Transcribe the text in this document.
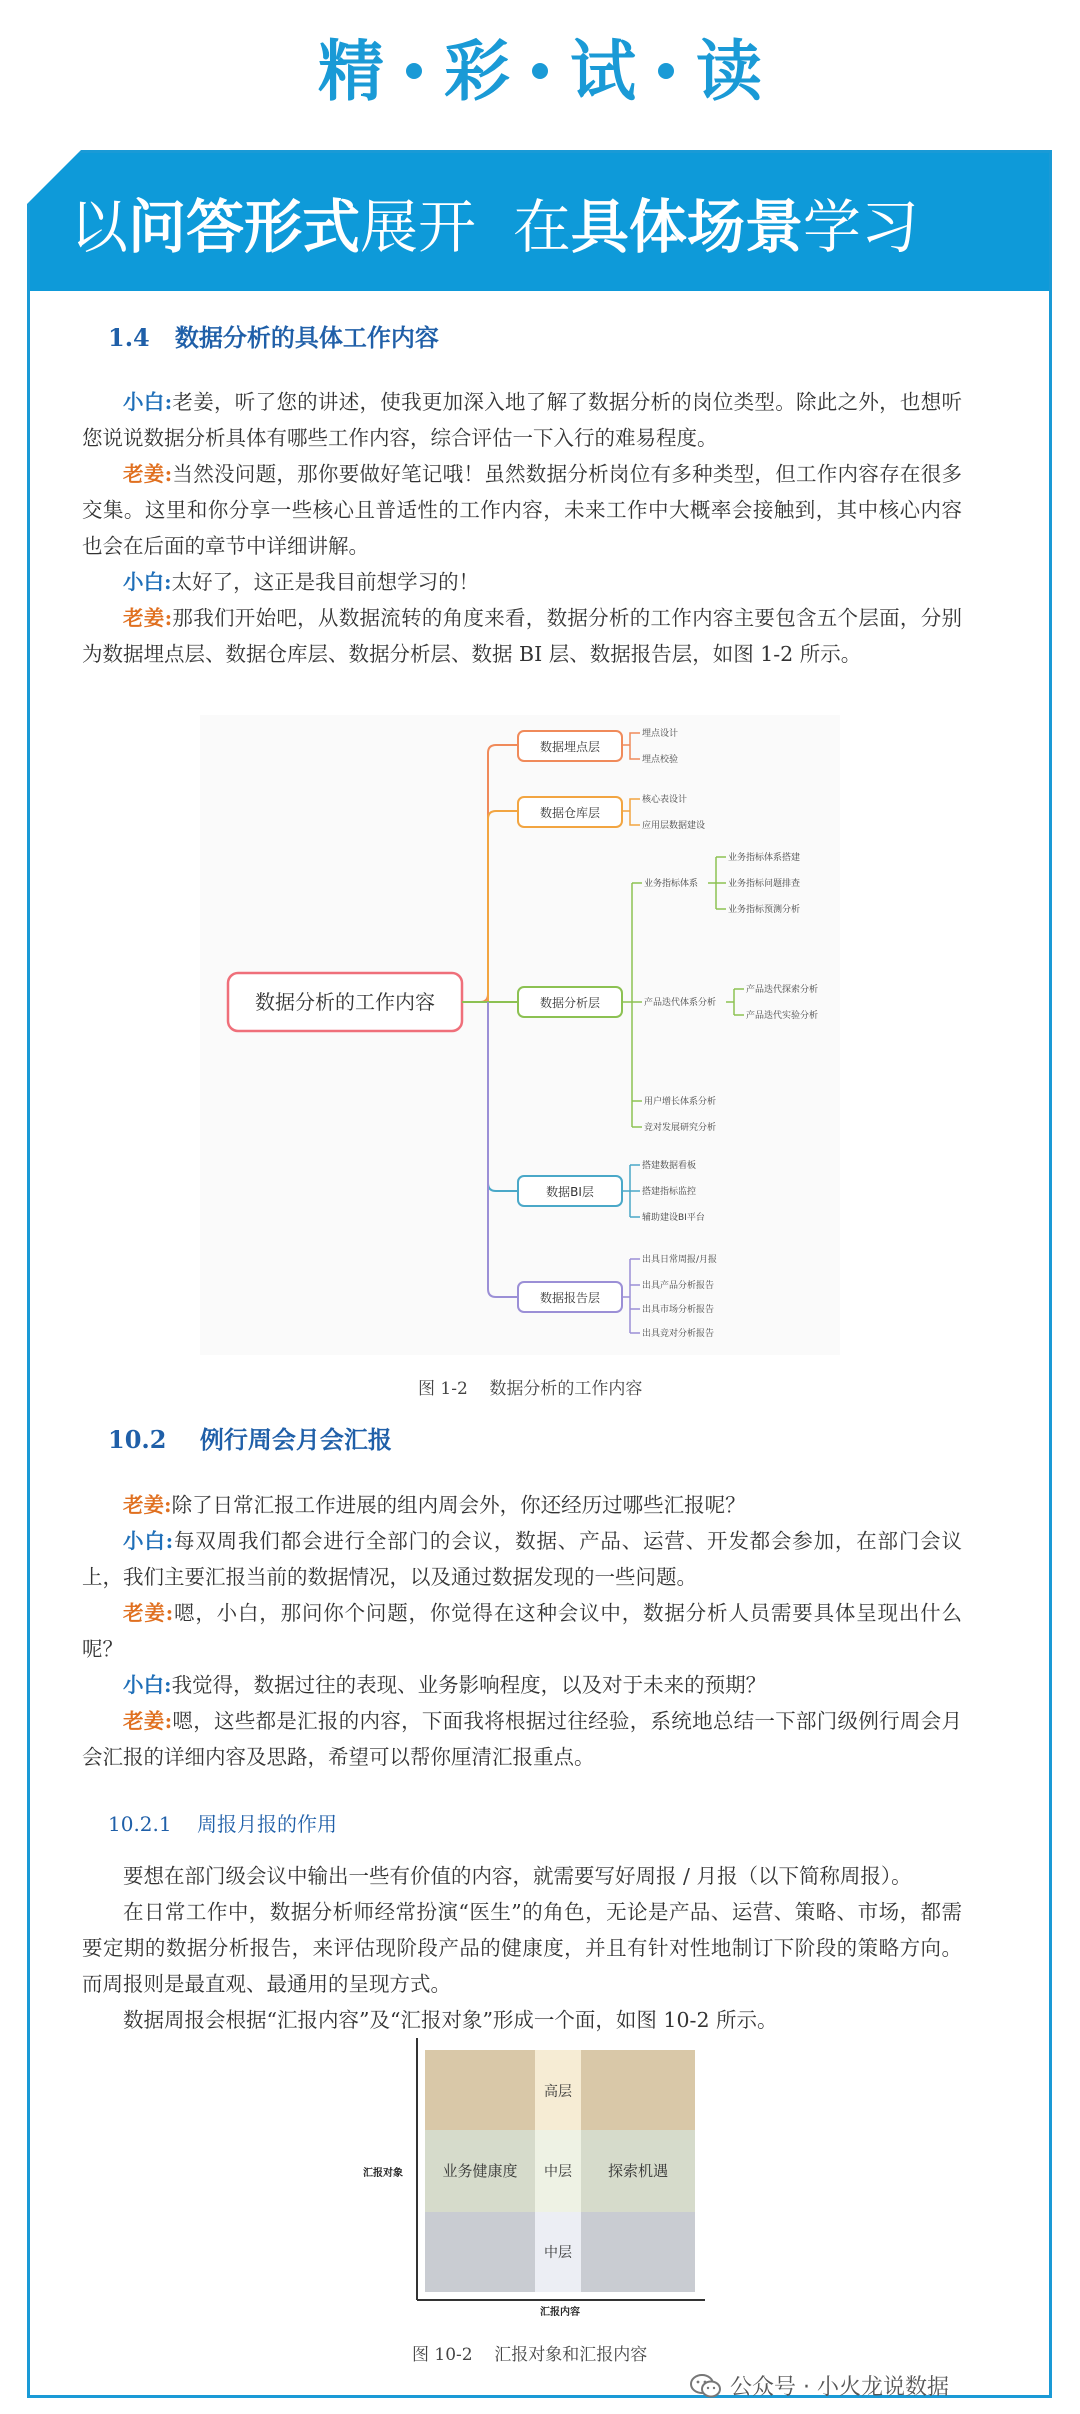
精 彩 试 读
以问答形式展开  在具体场景学习
1.4   数据分析的具体工作内容

小白:老姜，听了您的讲述，使我更加深入地了解了数据分析的岗位类型。除此之外，也想听您说说数据分析具体有哪些工作内容，综合评估一下入行的难易程度。

老姜:当然没问题，那你要做好笔记哦！虽然数据分析岗位有多种类型，但工作内容存在很多交集。这里和你分享一些核心且普适性的工作内容，未来工作中大概率会接触到，其中核心内容也会在后面的章节中详细讲解。

小白:太好了，这正是我目前想学习的！

老姜:那我们开始吧，从数据流转的角度来看，数据分析的工作内容主要包含五个层面，分别为数据埋点层、数据仓库层、数据分析层、数据 BI 层、数据报告层，如图 1-2 所示。

数据分析的工作内容
数据埋点层
数据仓库层
数据分析层
数据BI层
数据报告层
埋点设计
埋点校验
核心表设计
应用层数据建设
业务指标体系
产品迭代体系分析
用户增长体系分析
竞对发展研究分析
业务指标体系搭建
业务指标问题排查
业务指标预测分析
产品迭代探索分析
产品迭代实验分析
搭建数据看板
搭建指标监控
辅助建设BI平台
出具日常周报/月报
出具产品分析报告
出具市场分析报告
出具竞对分析报告
图 1-2    数据分析的工作内容
10.2    例行周会月会汇报

老姜:除了日常汇报工作进展的组内周会外，你还经历过哪些汇报呢？

小白:每双周我们都会进行全部门的会议，数据、产品、运营、开发都会参加，在部门会议上，我们主要汇报当前的数据情况，以及通过数据发现的一些问题。

老姜:嗯，小白，那问你个问题，你觉得在这种会议中，数据分析人员需要具体呈现出什么呢？

小白:我觉得，数据过往的表现、业务影响程度，以及对于未来的预期？

老姜:嗯，这些都是汇报的内容，下面我将根据过往经验，系统地总结一下部门级例行周会月会汇报的详细内容及思路，希望可以帮你厘清汇报重点。

10.2.1    周报月报的作用

要想在部门级会议中输出一些有价值的内容，就需要写好周报 / 月报（以下简称周报）。

在日常工作中，数据分析师经常扮演“医生”的角色，无论是产品、运营、策略、市场，都需要定期的数据分析报告，来评估现阶段产品的健康度，并且有针对性地制订下阶段的策略方向。而周报则是最直观、最通用的呈现方式。

数据周报会根据“汇报内容”及“汇报对象”形成一个面，如图 10-2 所示。

高层
中层
中层
业务健康度	探索机遇
汇报对象
汇报内容
图 10-2    汇报对象和汇报内容
公众号 · 小火龙说数据
